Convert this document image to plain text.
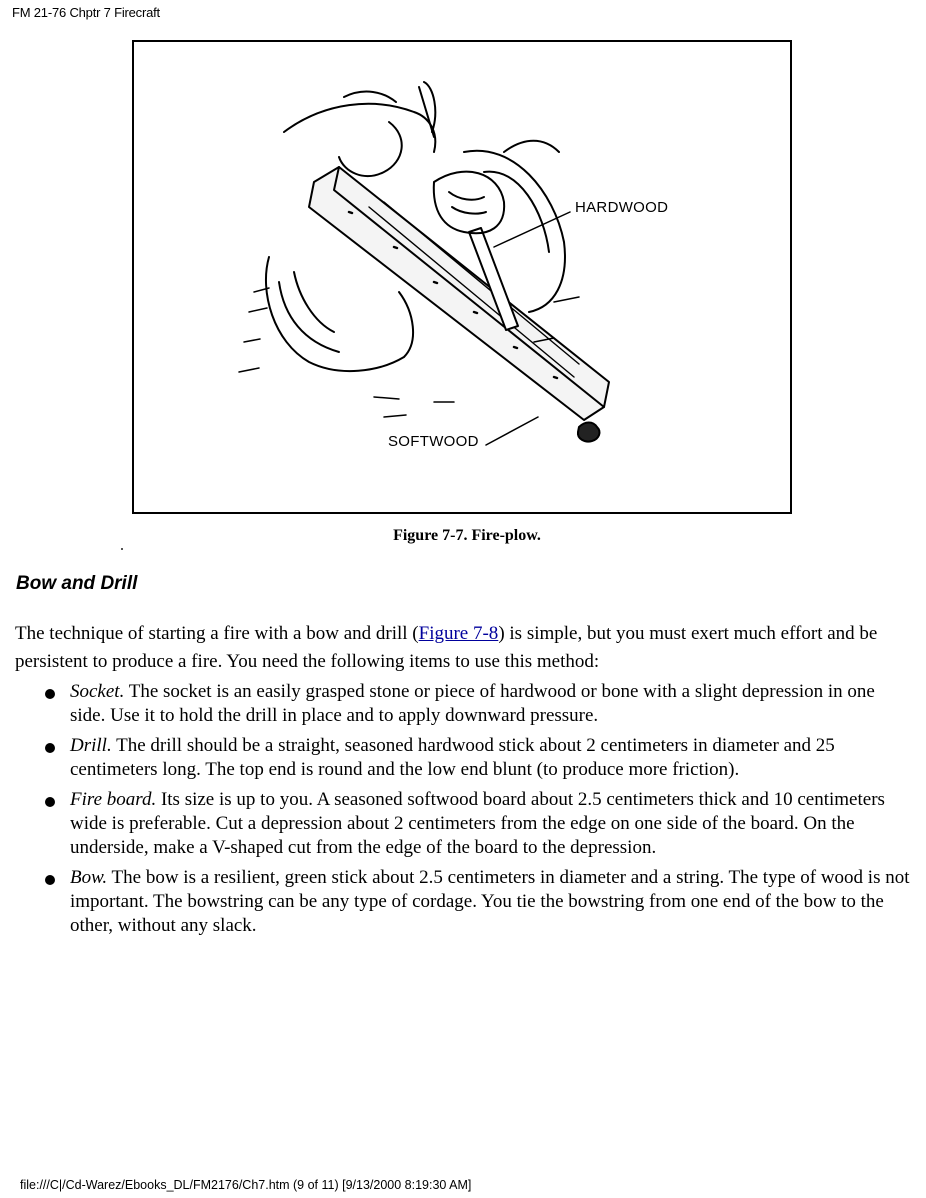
FM 21-76 Chptr 7 Firecraft
HARDWOOD
SOFTWOOD
Figure 7-7. Fire-plow.
Bow and Drill

The technique of starting a fire with a bow and drill (Figure 7-8) is simple, but you must exert much effort and be persistent to produce a fire. You need the following items to use this method:

Socket. The socket is an easily grasped stone or piece of hardwood or bone with a slight depression in one side. Use it to hold the drill in place and to apply downward pressure.
Drill. The drill should be a straight, seasoned hardwood stick about 2 centimeters in diameter and 25 centimeters long. The top end is round and the low end blunt (to produce more friction).
Fire board. Its size is up to you. A seasoned softwood board about 2.5 centimeters thick and 10 centimeters wide is preferable. Cut a depression about 2 centimeters from the edge on one side of the board. On the underside, make a V-shaped cut from the edge of the board to the depression.
Bow. The bow is a resilient, green stick about 2.5 centimeters in diameter and a string. The type of wood is not important. The bowstring can be any type of cordage. You tie the bowstring from one end of the bow to the other, without any slack.
file:///C|/Cd-Warez/Ebooks_DL/FM2176/Ch7.htm (9 of 11) [9/13/2000 8:19:30 AM]
